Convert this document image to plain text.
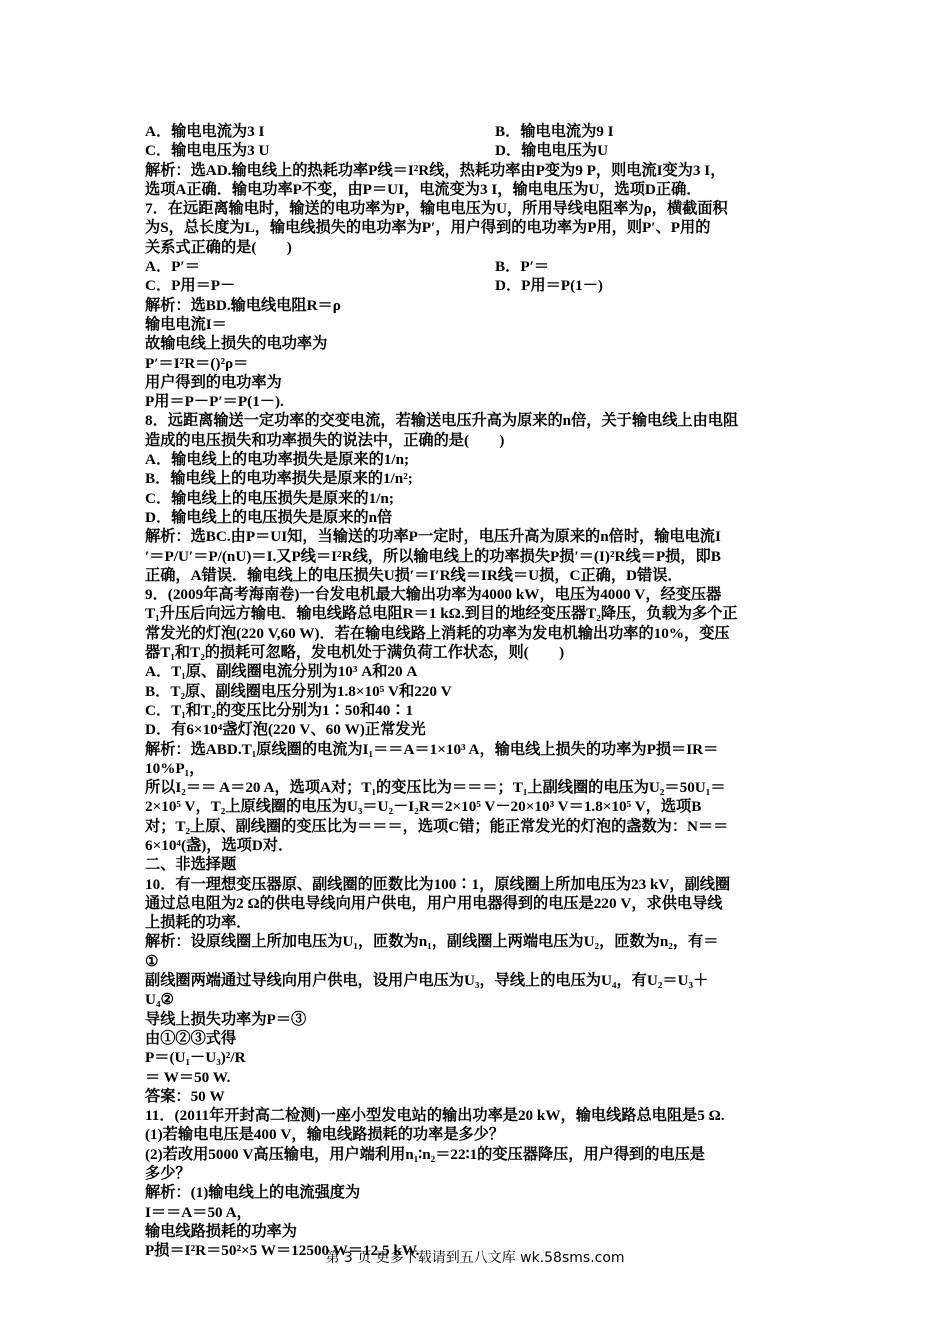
A．输电电流为3 I	B．输电电流为9 I
C．输电电压为3 U	D．输电电压为U
解析：选AD.输电线上的热耗功率P线＝I²R线，热耗功率由P变为9 P，则电流I变为3 I，
选项A正确．输电功率P不变，由P＝UI，电流变为3 I，输电电压为U，选项D正确．
7．在远距离输电时，输送的电功率为P，输电电压为U，所用导线电阻率为ρ，横截面积
为S，总长度为L，输电线损失的电功率为P′，用户得到的电功率为P用，则P′、P用的
关系式正确的是(　　)
A．P′＝	B．P′＝
C．P用＝P－	D．P用＝P(1－)
解析：选BD.输电线电阻R＝ρ
输电电流I＝
故输电线上损失的电功率为
P′＝I²R＝()²ρ＝
用户得到的电功率为
P用＝P－P′＝P(1－).
8．远距离输送一定功率的交变电流，若输送电压升高为原来的n倍，关于输电线上由电阻
造成的电压损失和功率损失的说法中，正确的是(　　)
A．输电线上的电功率损失是原来的1/n;
B．输电线上的电功率损失是原来的1/n²;
C．输电线上的电压损失是原来的1/n;
D．输电线上的电压损失是原来的n倍
解析：选BC.由P＝UI知，当输送的功率P一定时，电压升高为原来的n倍时，输电电流I
′＝P/U′＝P/(nU)＝I.又P线＝I²R线，所以输电线上的功率损失P损′＝(I)²R线＝P损，即B
正确，A错误．输电线上的电压损失U损′＝I′R线＝IR线＝U损，C正确，D错误．
9．(2009年高考海南卷)一台发电机最大输出功率为4000 kW，电压为4000 V，经变压器
T₁升压后向远方输电．输电线路总电阻R＝1 kΩ.到目的地经变压器T₂降压，负载为多个正
常发光的灯泡(220 V,60 W)．若在输电线路上消耗的功率为发电机输出功率的10%，变压
器T₁和T₂的损耗可忽略，发电机处于满负荷工作状态，则(　　)
A．T₁原、副线圈电流分别为10³ A和20 A
B．T₂原、副线圈电压分别为1.8×10⁵ V和220 V
C．T₁和T₂的变压比分别为1∶50和40∶1
D．有6×10⁴盏灯泡(220 V、60 W)正常发光
解析：选ABD.T₁原线圈的电流为I₁＝＝A＝1×10³ A，输电线上损失的功率为P损＝IR＝
10%P₁，
所以I₂＝＝ A＝20 A，选项A对；T₁的变压比为＝＝＝；T₁上副线圈的电压为U₂＝50U₁＝
2×10⁵ V，T₂上原线圈的电压为U₃＝U₂－I₂R＝2×10⁵ V－20×10³ V＝1.8×10⁵ V，选项B
对；T₂上原、副线圈的变压比为＝＝＝，选项C错；能正常发光的灯泡的盏数为：N＝＝
6×10⁴(盏)，选项D对．
二、非选择题
10．有一理想变压器原、副线圈的匝数比为100∶1，原线圈上所加电压为23 kV，副线圈
通过总电阻为2 Ω的供电导线向用户供电，用户用电器得到的电压是220 V，求供电导线
上损耗的功率．
解析：设原线圈上所加电压为U₁，匝数为n₁，副线圈上两端电压为U₂，匝数为n₂，有＝
①
副线圈两端通过导线向用户供电，设用户电压为U₃，导线上的电压为U₄，有U₂＝U₃＋
U₄②
导线上损失功率为P＝③
由①②③式得
P＝(U₁－U₃)²/R
＝ W＝50 W.
答案：50 W
11．(2011年开封高二检测)一座小型发电站的输出功率是20 kW，输电线路总电阻是5 Ω.
(1)若输电电压是400 V，输电线路损耗的功率是多少？
(2)若改用5000 V高压输电，用户端利用n₁∶n₂＝22∶1的变压器降压，用户得到的电压是
多少？
解析：(1)输电线上的电流强度为
I＝＝A＝50 A，
输电线路损耗的功率为
P损＝I²R＝50²×5 W＝12500 W＝12.5 kW.
第 3 页 更多下载请到五八文库 wk.58sms.com
